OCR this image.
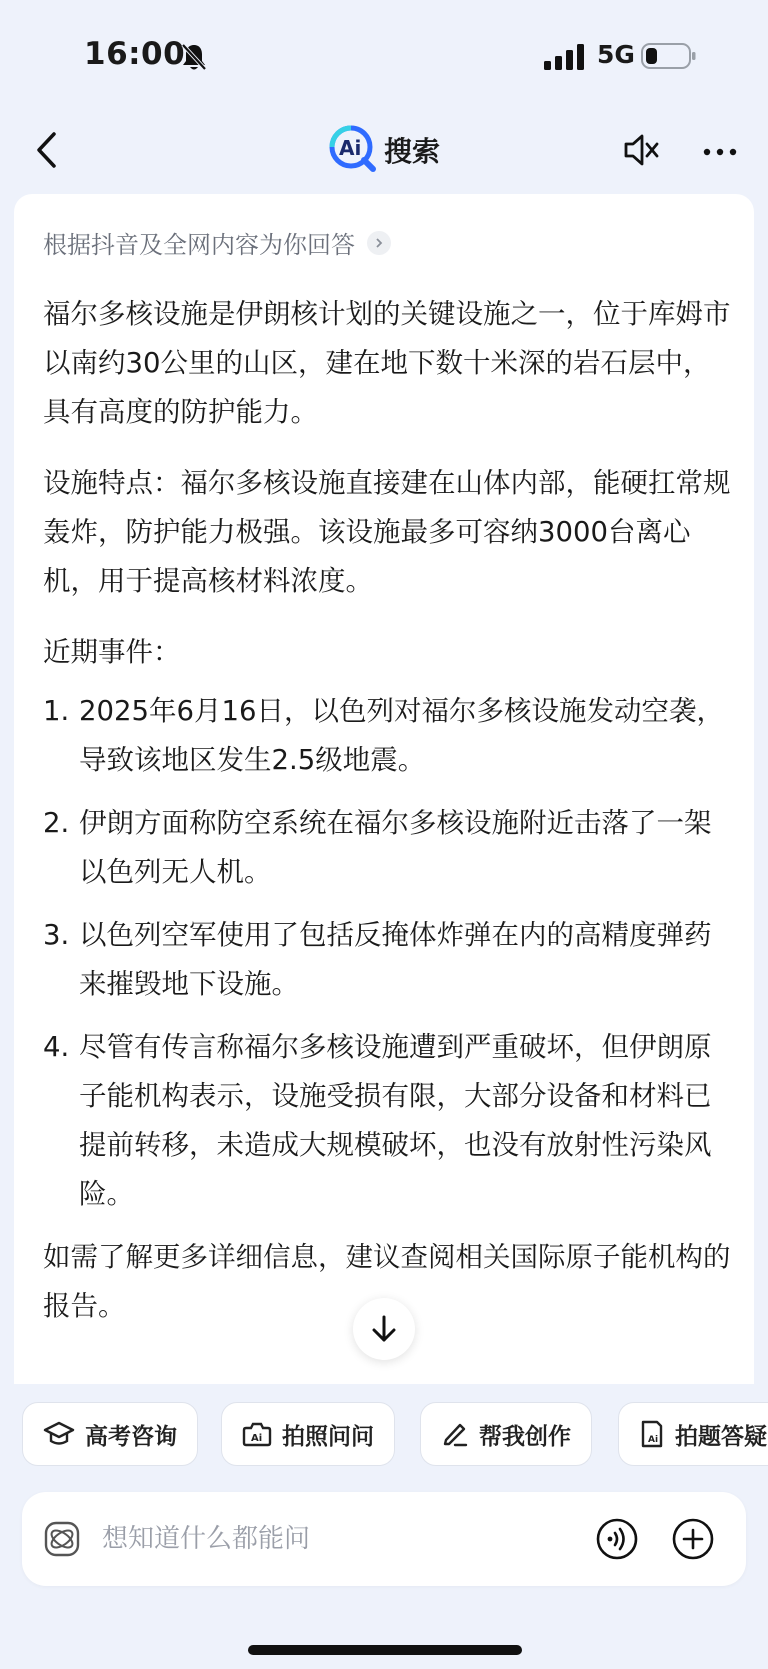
16:00	5G
Ai 搜索
根据抖音及全网内容为你回答

福尔多核设施是伊朗核计划的关键设施之一，位于库姆市以南约30公里的山区，建在地下数十米深的岩石层中，具有高度的防护能力。

设施特点：福尔多核设施直接建在山体内部，能硬扛常规轰炸，防护能力极强。该设施最多可容纳3000台离心机，用于提高核材料浓度。

近期事件：
1. 2025年6月16日，以色列对福尔多核设施发动空袭，导致该地区发生2.5级地震。
2. 伊朗方面称防空系统在福尔多核设施附近击落了一架以色列无人机。
3. 以色列空军使用了包括反掩体炸弹在内的高精度弹药来摧毁地下设施。
4. 尽管有传言称福尔多核设施遭到严重破坏，但伊朗原子能机构表示，设施受损有限，大部分设备和材料已提前转移，未造成大规模破坏，也没有放射性污染风险。

如需了解更多详细信息，建议查阅相关国际原子能机构的报告。

高考咨询	Ai 拍照问问	帮我创作	Ai 拍题答疑
想知道什么都能问
